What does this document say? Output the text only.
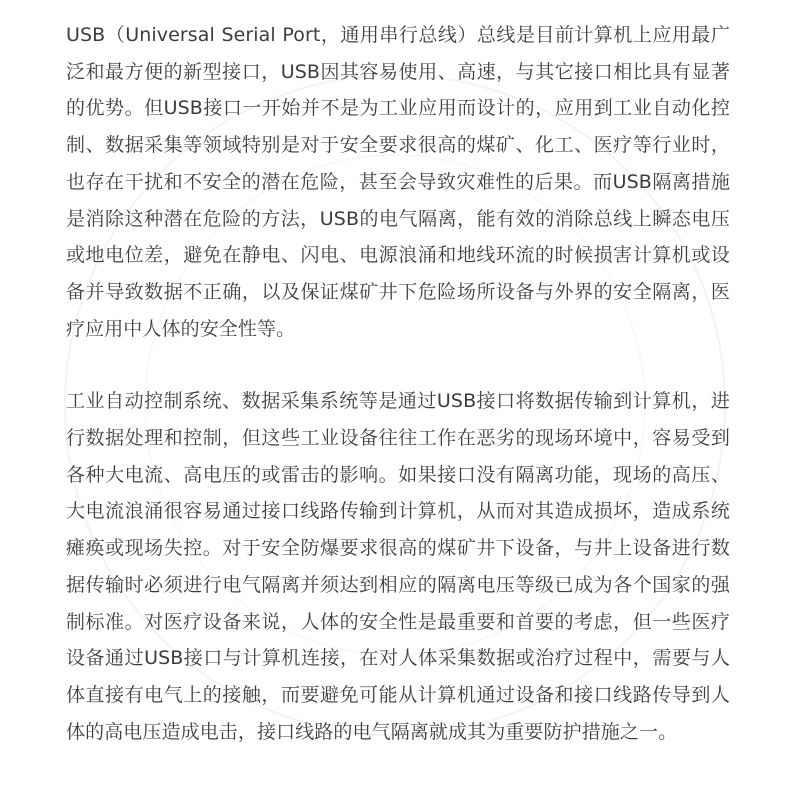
USB（Universal Serial Port，通用串行总线）总线是目前计算机上应用最广泛和最方便的新型接口，USB因其容易使用、高速，与其它接口相比具有显著的优势。但USB接口一开始并不是为工业应用而设计的，应用到工业自动化控制、数据采集等领域特别是对于安全要求很高的煤矿、化工、医疗等行业时，也存在干扰和不安全的潜在危险，甚至会导致灾难性的后果。而USB隔离措施是消除这种潜在危险的方法，USB的电气隔离，能有效的消除总线上瞬态电压或地电位差，避免在静电、闪电、电源浪涌和地线环流的时候损害计算机或设备并导致数据不正确，以及保证煤矿井下危险场所设备与外界的安全隔离，医疗应用中人体的安全性等。

工业自动控制系统、数据采集系统等是通过USB接口将数据传输到计算机，进行数据处理和控制，但这些工业设备往往工作在恶劣的现场环境中，容易受到各种大电流、高电压的或雷击的影响。如果接口没有隔离功能，现场的高压、大电流浪涌很容易通过接口线路传输到计算机，从而对其造成损坏，造成系统瘫痪或现场失控。对于安全防爆要求很高的煤矿井下设备，与井上设备进行数据传输时必须进行电气隔离并须达到相应的隔离电压等级已成为各个国家的强制标准。对医疗设备来说，人体的安全性是最重要和首要的考虑，但一些医疗设备通过USB接口与计算机连接，在对人体采集数据或治疗过程中，需要与人体直接有电气上的接触，而要避免可能从计算机通过设备和接口线路传导到人体的高电压造成电击，接口线路的电气隔离就成其为重要防护措施之一。
